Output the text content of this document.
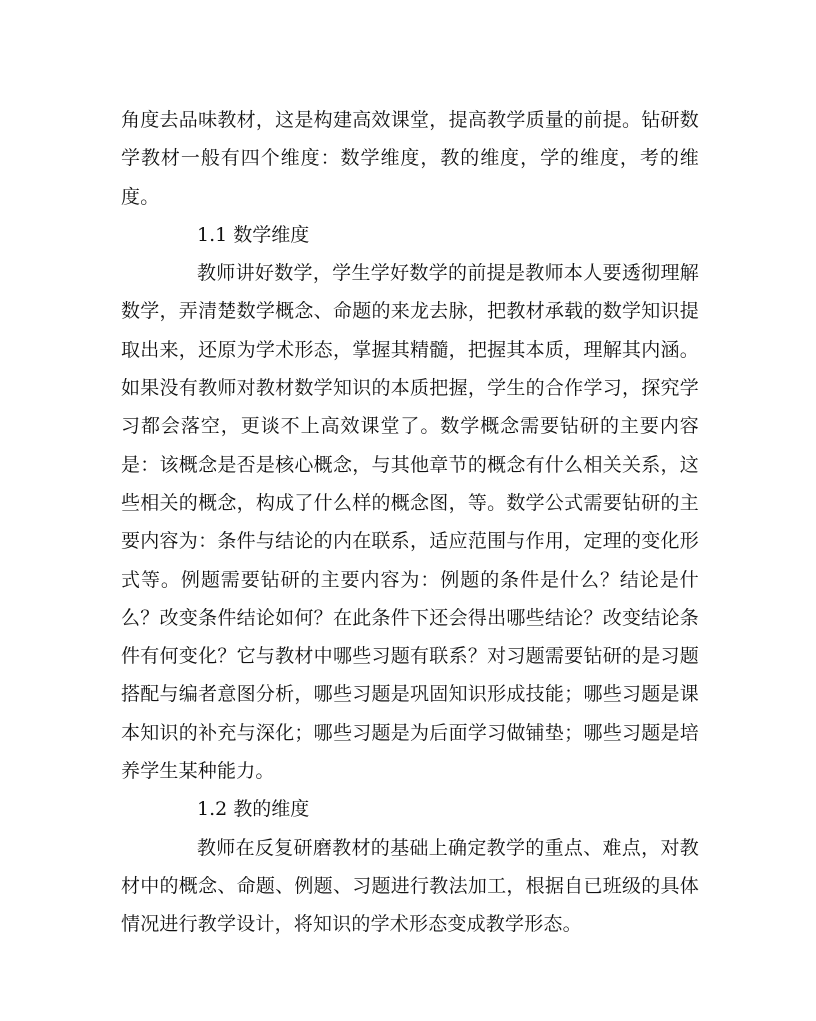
角度去品味教材，这是构建高效课堂，提高教学质量的前提。钻研数学教材一般有四个维度：数学维度，教的维度，学的维度，考的维度。

1.1 数学维度

教师讲好数学，学生学好数学的前提是教师本人要透彻理解数学，弄清楚数学概念、命题的来龙去脉，把教材承载的数学知识提取出来，还原为学术形态，掌握其精髓，把握其本质，理解其内涵。如果没有教师对教材数学知识的本质把握，学生的合作学习，探究学习都会落空，更谈不上高效课堂了。数学概念需要钻研的主要内容是：该概念是否是核心概念，与其他章节的概念有什么相关关系，这些相关的概念，构成了什么样的概念图，等。数学公式需要钻研的主要内容为：条件与结论的内在联系，适应范围与作用，定理的变化形式等。例题需要钻研的主要内容为：例题的条件是什么？结论是什么？改变条件结论如何？在此条件下还会得出哪些结论？改变结论条件有何变化？它与教材中哪些习题有联系？对习题需要钻研的是习题搭配与编者意图分析，哪些习题是巩固知识形成技能；哪些习题是课本知识的补充与深化；哪些习题是为后面学习做铺垫；哪些习题是培养学生某种能力。

1.2 教的维度

教师在反复研磨教材的基础上确定教学的重点、难点，对教材中的概念、命题、例题、习题进行教法加工，根据自已班级的具体情况进行教学设计，将知识的学术形态变成教学形态。
